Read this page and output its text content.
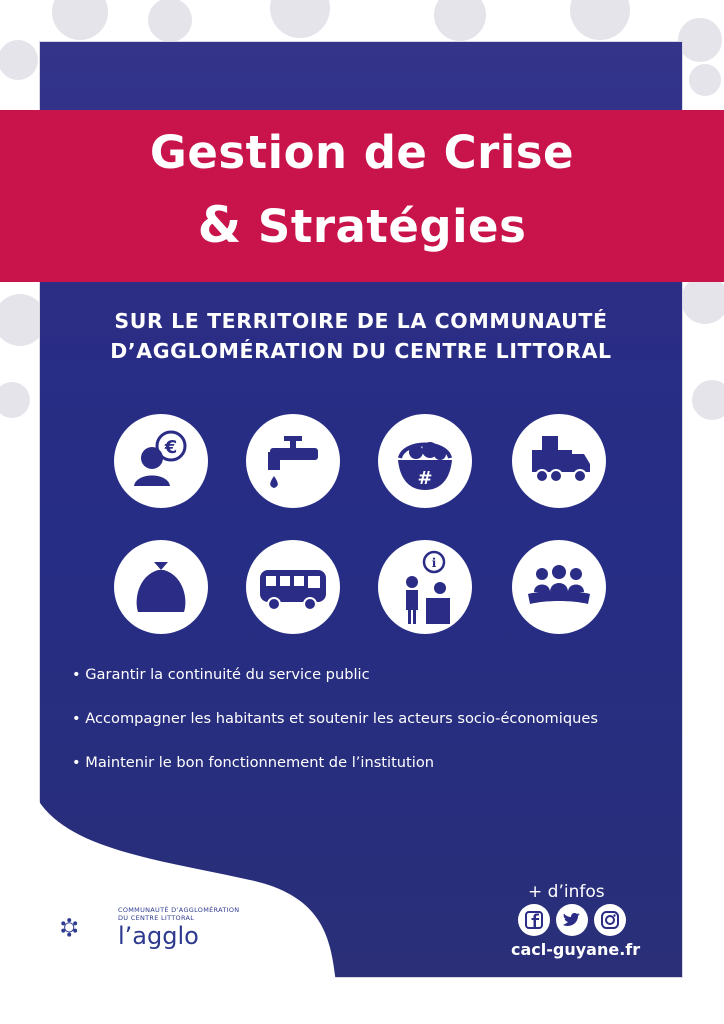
Gestion de Crise
& Stratégies
SUR LE TERRITOIRE DE LA COMMUNAUTÉ
D’AGGLOMÉRATION DU CENTRE LITTORAL
€
#
i
• Garantir la continuité du service public
• Accompagner les habitants et soutenir les acteurs socio-économiques
• Maintenir le bon fonctionnement de l’institution
COMMUNAUTÉ D’AGGLOMÉRATION
DU CENTRE LITTORAL
l’agglo
+ d’infos
cacl-guyane.fr
